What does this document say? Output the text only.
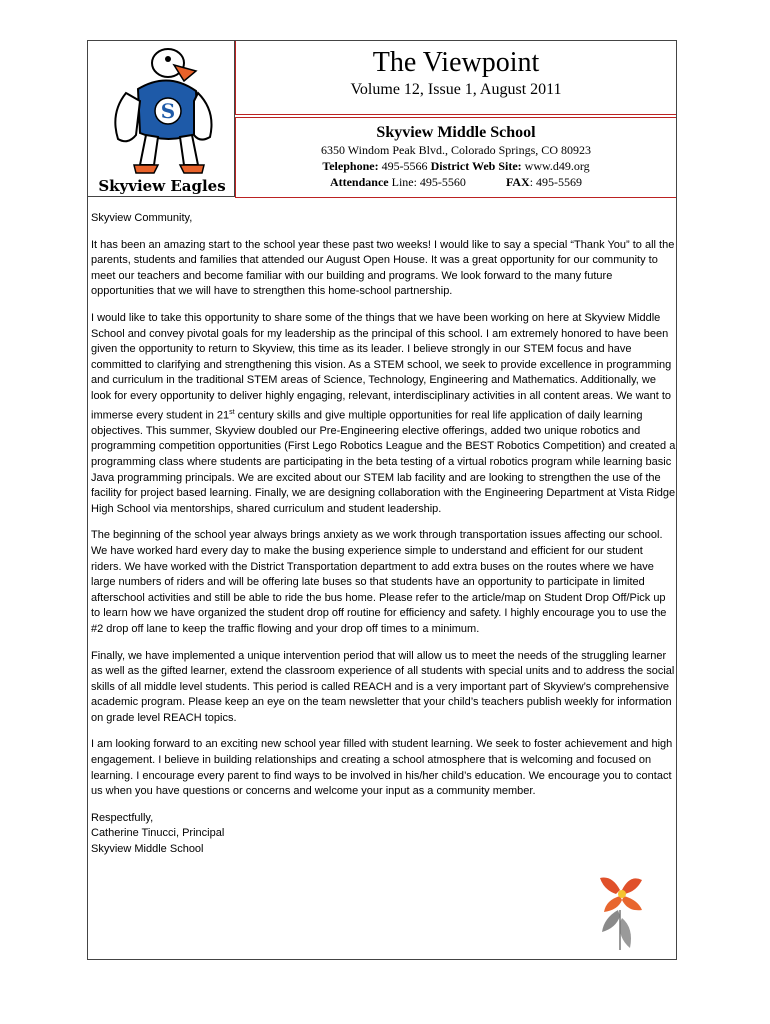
S
Skyview Eagles
The Viewpoint
Volume 12, Issue 1, August 2011
Skyview Middle School
6350 Windom Peak Blvd., Colorado Springs, CO 80923
Telephone: 495-5566 District Web Site: www.d49.org
Attendance Line: 495-5560	FAX: 495-5569

Skyview Community,

It has been an amazing start to the school year these past two weeks! I would like to say a special “Thank You” to all the parents, students and families that attended our August Open House. It was a great opportunity for our community to meet our teachers and become familiar with our building and programs. We look forward to the many future opportunities that we will have to strengthen this home-school partnership.

I would like to take this opportunity to share some of the things that we have been working on here at Skyview Middle School and convey pivotal goals for my leadership as the principal of this school. I am extremely honored to have been given the opportunity to return to Skyview, this time as its leader. I believe strongly in our STEM focus and have committed to clarifying and strengthening this vision. As a STEM school, we seek to provide excellence in programming and curriculum in the traditional STEM areas of Science, Technology, Engineering and Mathematics. Additionally, we look for every opportunity to deliver highly engaging, relevant, interdisciplinary activities in all content areas. We want to immerse every student in 21st century skills and give multiple opportunities for real life application of daily learning objectives. This summer, Skyview doubled our Pre-Engineering elective offerings, added two unique robotics and programming competition opportunities (First Lego Robotics League and the BEST Robotics Competition) and created a programming class where students are participating in the beta testing of a virtual robotics program while learning basic Java programming principals. We are excited about our STEM lab facility and are looking to strengthen the use of the facility for project based learning. Finally, we are designing collaboration with the Engineering Department at Vista Ridge High School via mentorships, shared curriculum and student leadership.

The beginning of the school year always brings anxiety as we work through transportation issues affecting our school. We have worked hard every day to make the busing experience simple to understand and efficient for our student riders. We have worked with the District Transportation department to add extra buses on the routes where we have large numbers of riders and will be offering late buses so that students have an opportunity to participate in limited afterschool activities and still be able to ride the bus home. Please refer to the article/map on Student Drop Off/Pick up to learn how we have organized the student drop off routine for efficiency and safety. I highly encourage you to use the #2 drop off lane to keep the traffic flowing and your drop off times to a minimum.

Finally, we have implemented a unique intervention period that will allow us to meet the needs of the struggling learner as well as the gifted learner, extend the classroom experience of all students with special units and to address the social skills of all middle level students. This period is called REACH and is a very important part of Skyview’s comprehensive academic program. Please keep an eye on the team newsletter that your child’s teachers publish weekly for information on grade level REACH topics.

I am looking forward to an exciting new school year filled with student learning. We seek to foster achievement and high engagement. I believe in building relationships and creating a school atmosphere that is welcoming and focused on learning. I encourage every parent to find ways to be involved in his/her child’s education. We encourage you to contact us when you have questions or concerns and welcome your input as a community member.

Respectfully,
Catherine Tinucci, Principal
Skyview Middle School
